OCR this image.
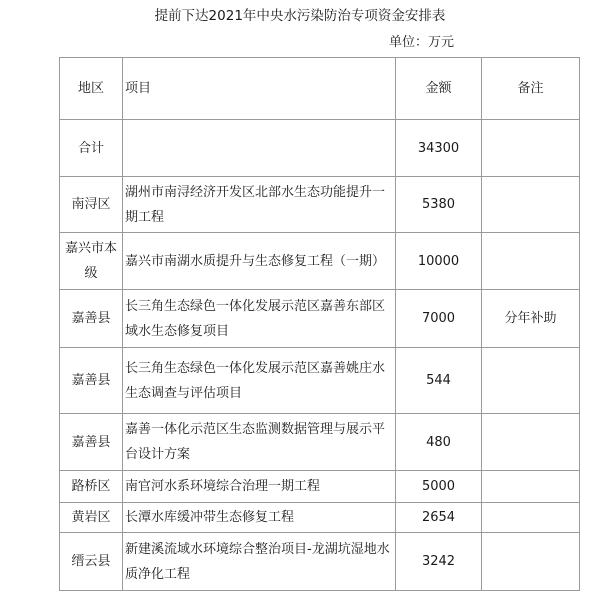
提前下达2021年中央水污染防治专项资金安排表
单位：万元
地区	项目	金额	备注
合计		34300	
南浔区	湖州市南浔经济开发区北部水生态功能提升一期工程	5380	
嘉兴市本级	嘉兴市南湖水质提升与生态修复工程（一期）	10000	
嘉善县	长三角生态绿色一体化发展示范区嘉善东部区域水生态修复项目	7000	分年补助
嘉善县	长三角生态绿色一体化发展示范区嘉善姚庄水生态调查与评估项目	544	
嘉善县	嘉善一体化示范区生态监测数据管理与展示平台设计方案	480	
路桥区	南官河水系环境综合治理一期工程	5000	
黄岩区	长潭水库缓冲带生态修复工程	2654	
缙云县	新建溪流域水环境综合整治项目-龙湖坑湿地水质净化工程	3242	
